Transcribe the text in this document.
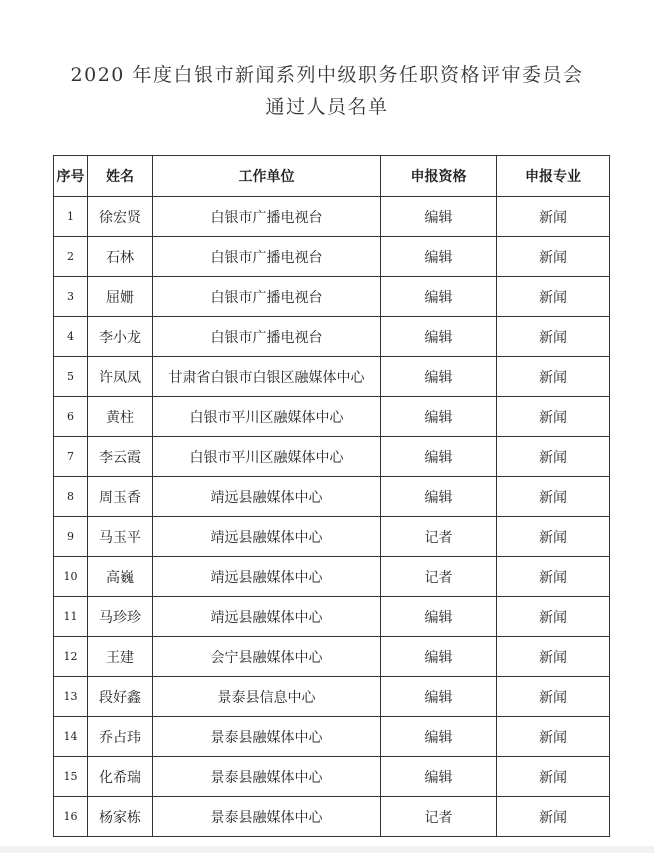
2020 年度白银市新闻系列中级职务任职资格评审委员会
通过人员名单
序号	姓名	工作单位	申报资格	申报专业
1	徐宏贤	白银市广播电视台	编辑	新闻
2	石林	白银市广播电视台	编辑	新闻
3	屈姗	白银市广播电视台	编辑	新闻
4	李小龙	白银市广播电视台	编辑	新闻
5	许凤凤	甘肃省白银市白银区融媒体中心	编辑	新闻
6	黄柱	白银市平川区融媒体中心	编辑	新闻
7	李云霞	白银市平川区融媒体中心	编辑	新闻
8	周玉香	靖远县融媒体中心	编辑	新闻
9	马玉平	靖远县融媒体中心	记者	新闻
10	高巍	靖远县融媒体中心	记者	新闻
11	马珍珍	靖远县融媒体中心	编辑	新闻
12	王建	会宁县融媒体中心	编辑	新闻
13	段好鑫	景泰县信息中心	编辑	新闻
14	乔占玮	景泰县融媒体中心	编辑	新闻
15	化希瑞	景泰县融媒体中心	编辑	新闻
16	杨家栋	景泰县融媒体中心	记者	新闻
